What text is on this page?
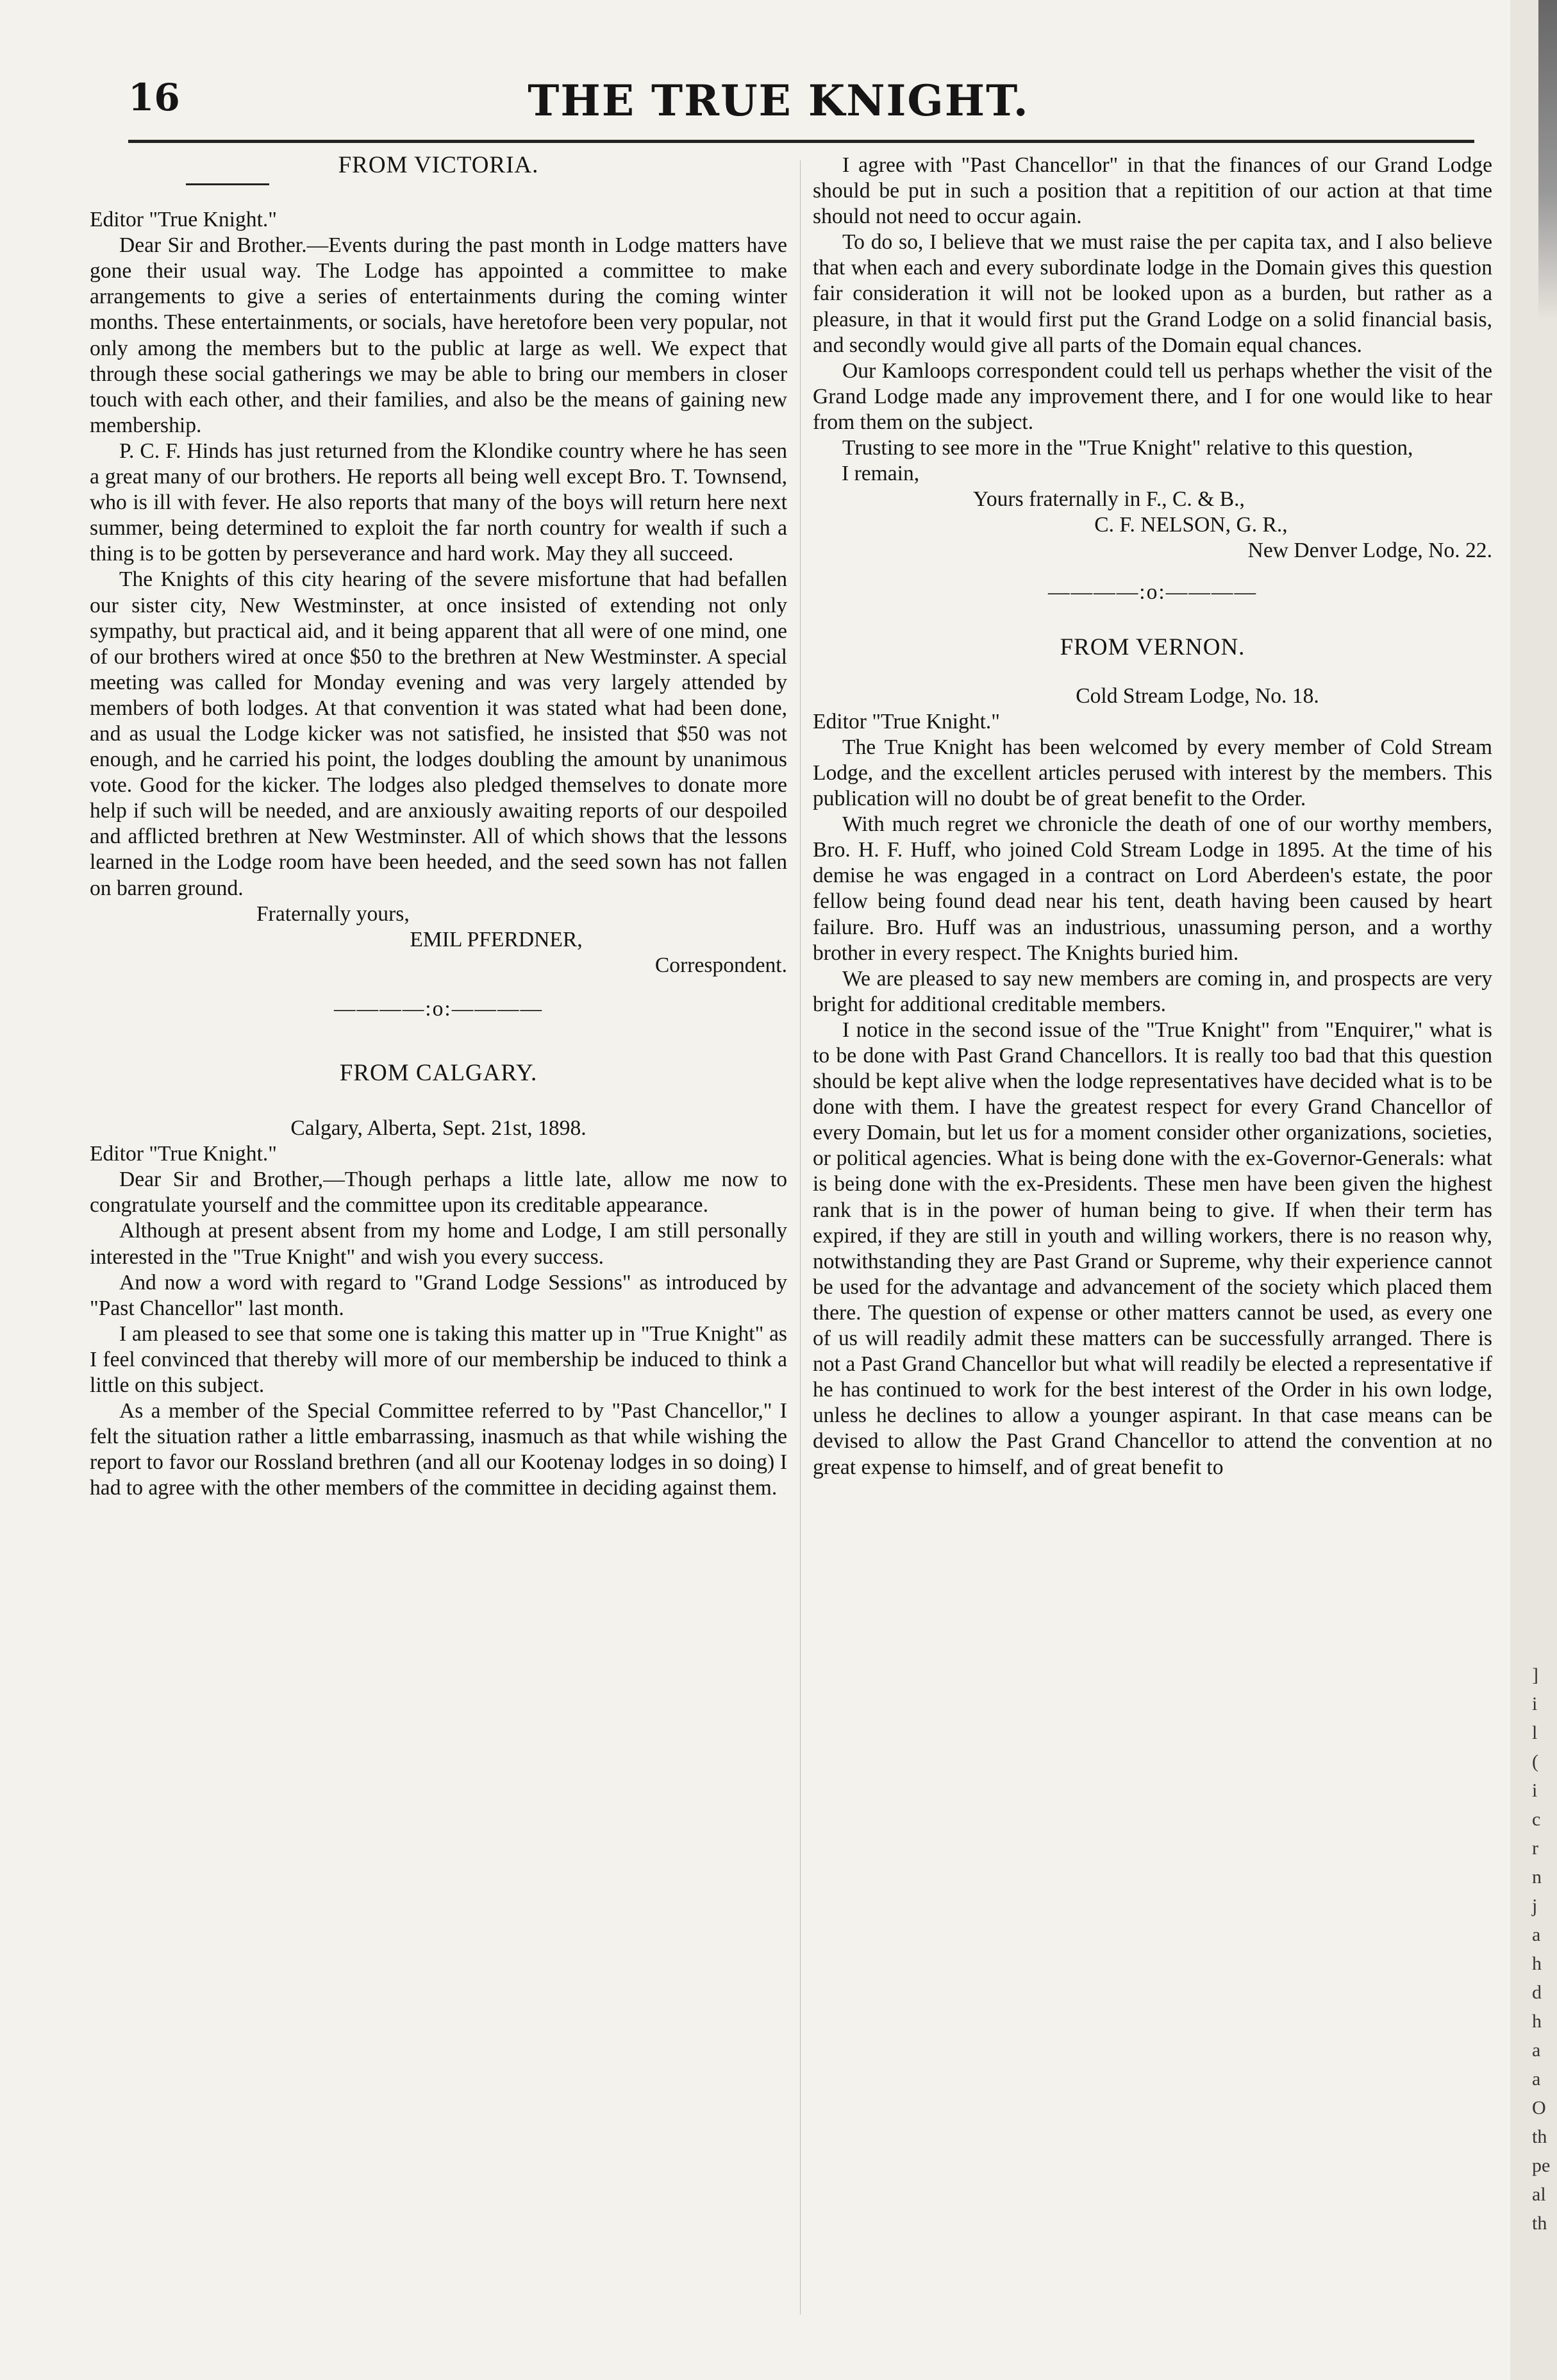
16	THE TRUE KNIGHT.

FROM VICTORIA.

Editor "True Knight."

Dear Sir and Brother.—Events during the past month in Lodge matters have gone their usual way. The Lodge has appointed a committee to make arrangements to give a series of entertainments during the coming winter months. These entertainments, or socials, have heretofore been very popular, not only among the members but to the public at large as well. We expect that through these social gatherings we may be able to bring our members in closer touch with each other, and their families, and also be the means of gaining new membership.

P. C. F. Hinds has just returned from the Klondike country where he has seen a great many of our brothers. He reports all being well except Bro. T. Townsend, who is ill with fever. He also reports that many of the boys will return here next summer, being determined to exploit the far north country for wealth if such a thing is to be gotten by perseverance and hard work. May they all succeed.

The Knights of this city hearing of the severe misfortune that had befallen our sister city, New Westminster, at once insisted of extending not only sympathy, but practical aid, and it being apparent that all were of one mind, one of our brothers wired at once $50 to the brethren at New Westminster. A special meeting was called for Monday evening and was very largely attended by members of both lodges. At that convention it was stated what had been done, and as usual the Lodge kicker was not satisfied, he insisted that $50 was not enough, and he carried his point, the lodges doubling the amount by unanimous vote. Good for the kicker. The lodges also pledged themselves to donate more help if such will be needed, and are anxiously awaiting reports of our despoiled and afflicted brethren at New Westminster. All of which shows that the lessons learned in the Lodge room have been heeded, and the seed sown has not fallen on barren ground.

Fraternally yours,

EMIL PFERDNER,

Correspondent.

————:o:————

FROM CALGARY.

Calgary, Alberta, Sept. 21st, 1898.

Editor "True Knight."

Dear Sir and Brother,—Though perhaps a little late, allow me now to congratulate yourself and the committee upon its creditable appearance.

Although at present absent from my home and Lodge, I am still personally interested in the "True Knight" and wish you every success.

And now a word with regard to "Grand Lodge Sessions" as introduced by "Past Chancellor" last month.

I am pleased to see that some one is taking this matter up in "True Knight" as I feel convinced that thereby will more of our membership be induced to think a little on this subject.

As a member of the Special Committee referred to by "Past Chancellor," I felt the situation rather a little embarrassing, inasmuch as that while wishing the report to favor our Rossland brethren (and all our Kootenay lodges in so doing) I had to agree with the other members of the committee in deciding against them.

I agree with "Past Chancellor" in that the finances of our Grand Lodge should be put in such a position that a repitition of our action at that time should not need to occur again.

To do so, I believe that we must raise the per capita tax, and I also believe that when each and every subordinate lodge in the Domain gives this question fair consideration it will not be looked upon as a burden, but rather as a pleasure, in that it would first put the Grand Lodge on a solid financial basis, and secondly would give all parts of the Domain equal chances.

Our Kamloops correspondent could tell us perhaps whether the visit of the Grand Lodge made any improvement there, and I for one would like to hear from them on the subject.

Trusting to see more in the "True Knight" relative to this question,

I remain,

Yours fraternally in F., C. & B.,

C. F. NELSON, G. R.,

New Denver Lodge, No. 22.

————:o:————

FROM VERNON.

Cold Stream Lodge, No. 18.

Editor "True Knight."

The True Knight has been welcomed by every member of Cold Stream Lodge, and the excellent articles perused with interest by the members. This publication will no doubt be of great benefit to the Order.

With much regret we chronicle the death of one of our worthy members, Bro. H. F. Huff, who joined Cold Stream Lodge in 1895. At the time of his demise he was engaged in a contract on Lord Aberdeen's estate, the poor fellow being found dead near his tent, death having been caused by heart failure. Bro. Huff was an industrious, unassuming person, and a worthy brother in every respect. The Knights buried him.

We are pleased to say new members are coming in, and prospects are very bright for additional creditable members.

I notice in the second issue of the "True Knight" from "Enquirer," what is to be done with Past Grand Chancellors. It is really too bad that this question should be kept alive when the lodge representatives have decided what is to be done with them. I have the greatest respect for every Grand Chancellor of every Domain, but let us for a moment consider other organizations, societies, or political agencies. What is being done with the ex-Governor-Generals: what is being done with the ex-Presidents. These men have been given the highest rank that is in the power of human being to give. If when their term has expired, if they are still in youth and willing workers, there is no reason why, notwithstanding they are Past Grand or Supreme, why their experience cannot be used for the advantage and advancement of the society which placed them there. The question of expense or other matters cannot be used, as every one of us will readily admit these matters can be successfully arranged. There is not a Past Grand Chancellor but what will readily be elected a representative if he has continued to work for the best interest of the Order in his own lodge, unless he declines to allow a younger aspirant. In that case means can be devised to allow the Past Grand Chancellor to attend the convention at no great expense to himself, and of great benefit to

]
i
l
(
i
c
r
n
j
a
h
d
h
a
a
O
th
pe
al
th
